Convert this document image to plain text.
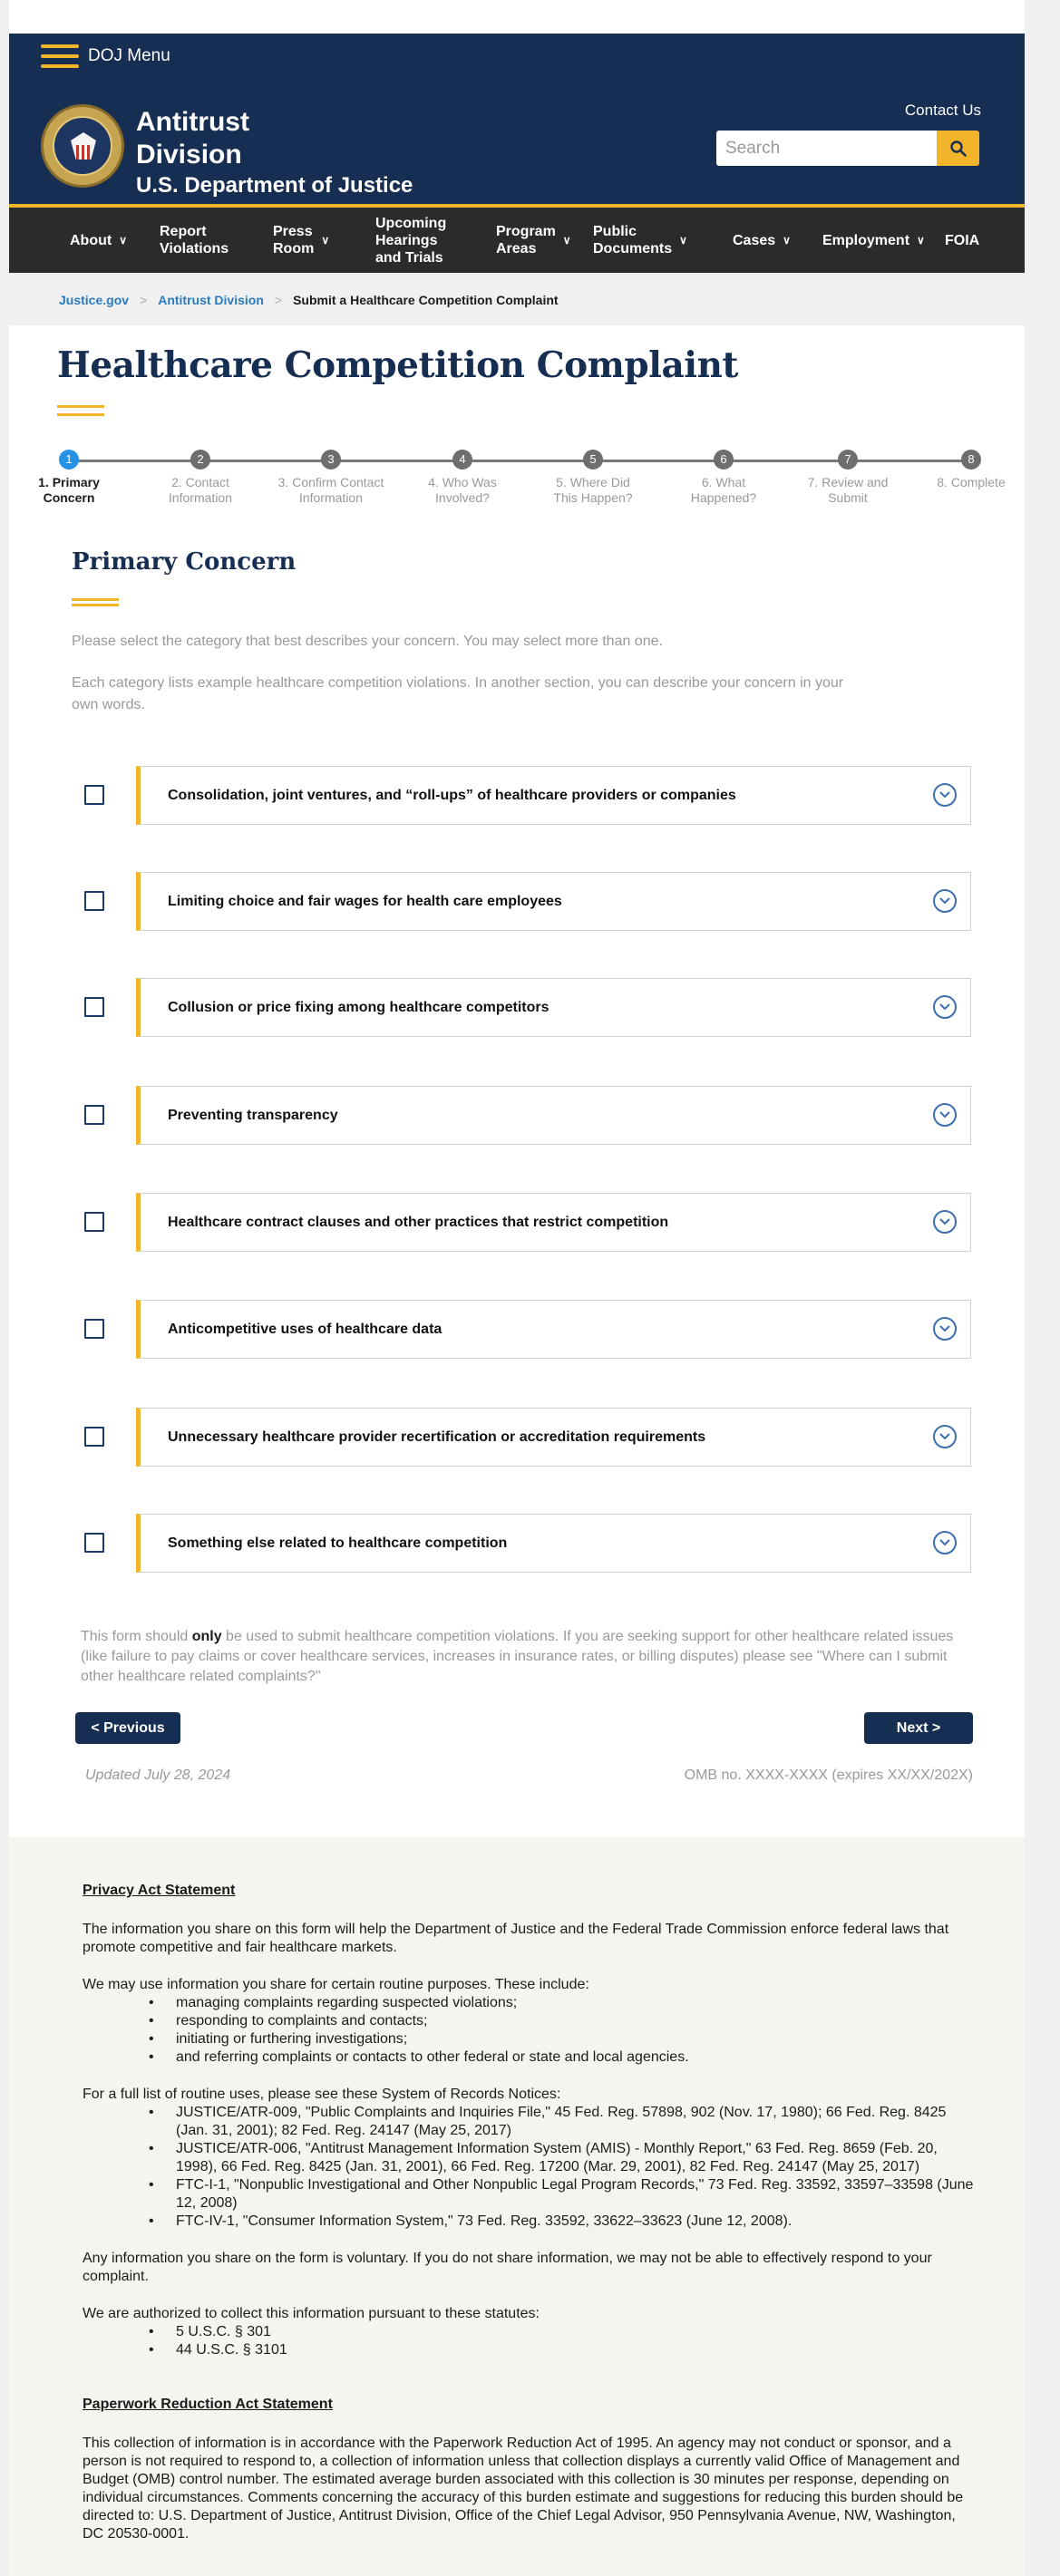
DOJ Menu
Antitrust
Division
U.S. Department of Justice
Contact Us
Search
About ∨
Report
Violations
Press
Room
∨
Upcoming
Hearings
and Trials
Program
Areas
∨
Public
Documents
∨	Cases ∨ Employment ∨ FOIA
Justice.gov > Antitrust Division > Submit a Healthcare Competition Complaint
Healthcare Competition Complaint
1
1. Primary
Concern
2
2. Contact
Information
3
3. Confirm Contact
Information
4
4. Who Was
Involved?
5
5. Where Did
This Happen?
6
6. What
Happened?
7
7. Review and
Submit
8
8. Complete
Primary Concern

Please select the category that best describes your concern. You may select more than one.

Each category lists example healthcare competition violations. In another section, you can describe your concern in your own words.

Consolidation, joint ventures, and “roll-ups” of healthcare providers or companies
Limiting choice and fair wages for health care employees
Collusion or price fixing among healthcare competitors
Preventing transparency
Healthcare contract clauses and other practices that restrict competition
Anticompetitive uses of healthcare data
Unnecessary healthcare provider recertification or accreditation requirements
Something else related to healthcare competition

This form should only be used to submit healthcare competition violations. If you are seeking support for other healthcare related issues (like failure to pay claims or cover healthcare services, increases in insurance rates, or billing disputes) please see "Where can I submit other healthcare related complaints?"

< Previous	Next >
Updated July 28, 2024	OMB no. XXXX-XXXX (expires XX/XX/202X)
Privacy Act Statement

The information you share on this form will help the Department of Justice and the Federal Trade Commission enforce federal laws that promote competitive and fair healthcare markets.

We may use information you share for certain routine purposes. These include:

• managing complaints regarding suspected violations;
• responding to complaints and contacts;
• initiating or furthering investigations;
• and referring complaints or contacts to other federal or state and local agencies.

For a full list of routine uses, please see these System of Records Notices:

• JUSTICE/ATR-009, "Public Complaints and Inquiries File," 45 Fed. Reg. 57898, 902 (Nov. 17, 1980); 66 Fed. Reg. 8425 (Jan. 31, 2001); 82 Fed. Reg. 24147 (May 25, 2017)
• JUSTICE/ATR-006, "Antitrust Management Information System (AMIS) - Monthly Report," 63 Fed. Reg. 8659 (Feb. 20, 1998), 66 Fed. Reg. 8425 (Jan. 31, 2001), 66 Fed. Reg. 17200 (Mar. 29, 2001), 82 Fed. Reg. 24147 (May 25, 2017)
• FTC-I-1, "Nonpublic Investigational and Other Nonpublic Legal Program Records," 73 Fed. Reg. 33592, 33597–33598 (June 12, 2008)
• FTC-IV-1, "Consumer Information System," 73 Fed. Reg. 33592, 33622–33623 (June 12, 2008).

Any information you share on the form is voluntary. If you do not share information, we may not be able to effectively respond to your complaint.

We are authorized to collect this information pursuant to these statutes:

• 5 U.S.C. § 301
• 44 U.S.C. § 3101
Paperwork Reduction Act Statement

This collection of information is in accordance with the Paperwork Reduction Act of 1995. An agency may not conduct or sponsor, and a person is not required to respond to, a collection of information unless that collection displays a currently valid Office of Management and Budget (OMB) control number. The estimated average burden associated with this collection is 30 minutes per response, depending on individual circumstances. Comments concerning the accuracy of this burden estimate and suggestions for reducing this burden should be directed to: U.S. Department of Justice, Antitrust Division, Office of the Chief Legal Advisor, 950 Pennsylvania Avenue, NW, Washington, DC 20530-0001.
